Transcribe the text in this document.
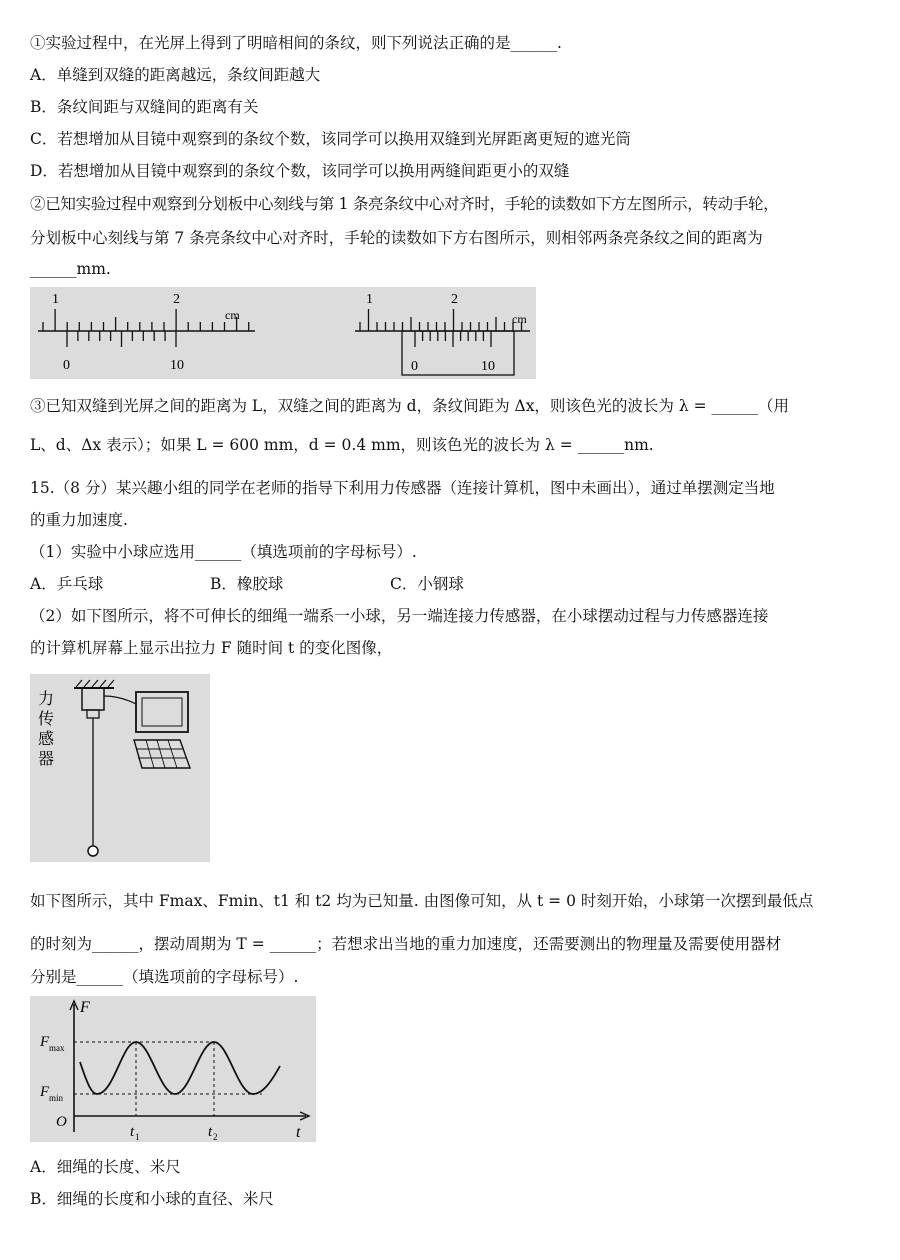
①实验过程中，在光屏上得到了明暗相间的条纹，则下列说法正确的是______.
A．单缝到双缝的距离越远，条纹间距越大
B．条纹间距与双缝间的距离有关
C．若想增加从目镜中观察到的条纹个数，该同学可以换用双缝到光屏距离更短的遮光筒
D．若想增加从目镜中观察到的条纹个数，该同学可以换用两缝间距更小的双缝
②已知实验过程中观察到分划板中心刻线与第 1 条亮条纹中心对齐时，手轮的读数如下方左图所示，转动手轮，
分划板中心刻线与第 7 条亮条纹中心对齐时，手轮的读数如下方右图所示，则相邻两条亮条纹之间的距离为
______mm.
1	2
cm
0	10
1	2
cm
0	10
③已知双缝到光屏之间的距离为 L，双缝之间的距离为 d，条纹间距为 Δx，则该色光的波长为 λ = ______（用
L、d、Δx 表示）；如果 L = 600 mm，d = 0.4 mm，则该色光的波长为 λ = ______nm.
15.（8 分）某兴趣小组的同学在老师的指导下利用力传感器（连接计算机，图中未画出），通过单摆测定当地
的重力加速度.
（1）实验中小球应选用______（填选项前的字母标号）.
A．乒乓球	B．橡胶球	C．小钢球
（2）如下图所示，将不可伸长的细绳一端系一小球，另一端连接力传感器，在小球摆动过程与力传感器连接
的计算机屏幕上显示出拉力 F 随时间 t 的变化图像，
力
传
感
器
如下图所示，其中 Fmax、Fmin、t1 和 t2 均为已知量. 由图像可知，从 t = 0 时刻开始，小球第一次摆到最低点
的时刻为______，摆动周期为 T = ______；若想求出当地的重力加速度，还需要测出的物理量及需要使用器材
分别是______（填选项前的字母标号）.
F
t
O
F max
F min
t 1	t 2
A．细绳的长度、米尺
B．细绳的长度和小球的直径、米尺
